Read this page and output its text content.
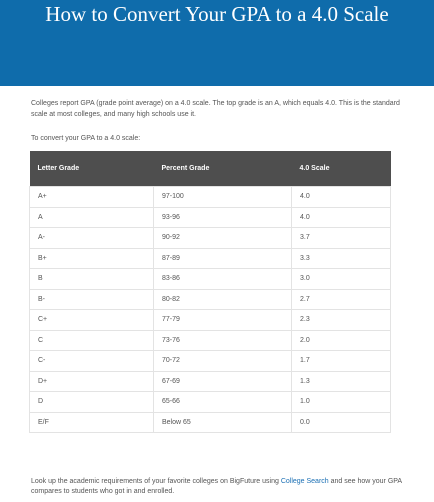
How to Convert Your GPA to a 4.0 Scale

Colleges report GPA (grade point average) on a 4.0 scale. The top grade is an A, which equals 4.0. This is the standard scale at most colleges, and many high schools use it.

To convert your GPA to a 4.0 scale:

Letter Grade	Percent Grade	4.0 Scale
A+	97-100	4.0
A	93-96	4.0
A-	90-92	3.7
B+	87-89	3.3
B	83-86	3.0
B-	80-82	2.7
C+	77-79	2.3
C	73-76	2.0
C-	70-72	1.7
D+	67-69	1.3
D	65-66	1.0
E/F	Below 65	0.0

Look up the academic requirements of your favorite colleges on BigFuture using College Search and see how your GPA compares to students who got in and enrolled.
